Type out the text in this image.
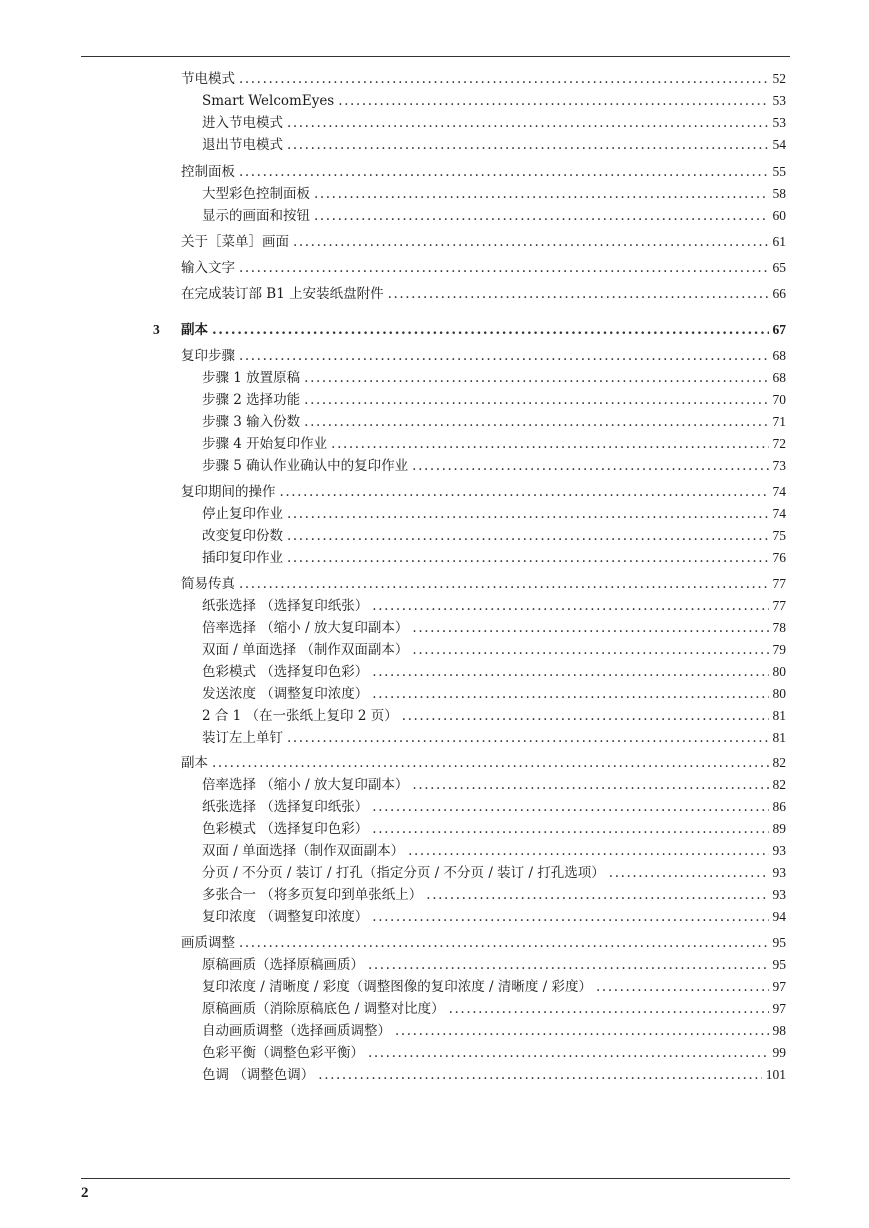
节电模式 .....	52
Smart WelcomEyes .....	53
进入节电模式 .....	53
退出节电模式 .....	54
控制面板 .....	55
大型彩色控制面板 .....	58
显示的画面和按钮 .....	60
关于［菜单］画面 .....	61
输入文字 .....	65
在完成装订部 B1 上安装纸盘附件 .....	66
3 副本 .....	67
复印步骤 .....	68
步骤 1 放置原稿 .....	68
步骤 2 选择功能 .....	70
步骤 3 输入份数 .....	71
步骤 4 开始复印作业 .....	72
步骤 5 确认作业确认中的复印作业 .....	73
复印期间的操作 .....	74
停止复印作业 .....	74
改变复印份数 .....	75
插印复印作业 .....	76
简易传真 .....	77
纸张选择 （选择复印纸张） .....	77
倍率选择 （缩小 / 放大复印副本） .....	78
双面 / 单面选择 （制作双面副本） .....	79
色彩模式 （选择复印色彩） .....	80
发送浓度 （调整复印浓度） .....	80
2 合 1 （在一张纸上复印 2 页） .....	81
装订左上单钉 .....	81
副本 .....	82
倍率选择 （缩小 / 放大复印副本） .....	82
纸张选择 （选择复印纸张） .....	86
色彩模式 （选择复印色彩） .....	89
双面 / 单面选择（制作双面副本） .....	93
分页 / 不分页 / 装订 / 打孔（指定分页 / 不分页 / 装订 / 打孔选项） .....	93
多张合一 （将多页复印到单张纸上） .....	93
复印浓度 （调整复印浓度） .....	94
画质调整 .....	95
原稿画质（选择原稿画质） .....	95
复印浓度 / 清晰度 / 彩度（调整图像的复印浓度 / 清晰度 / 彩度） .....	97
原稿画质（消除原稿底色 / 调整对比度） .....	97
自动画质调整（选择画质调整） .....	98
色彩平衡（调整色彩平衡） .....	99
色调 （调整色调） .....	101
2
